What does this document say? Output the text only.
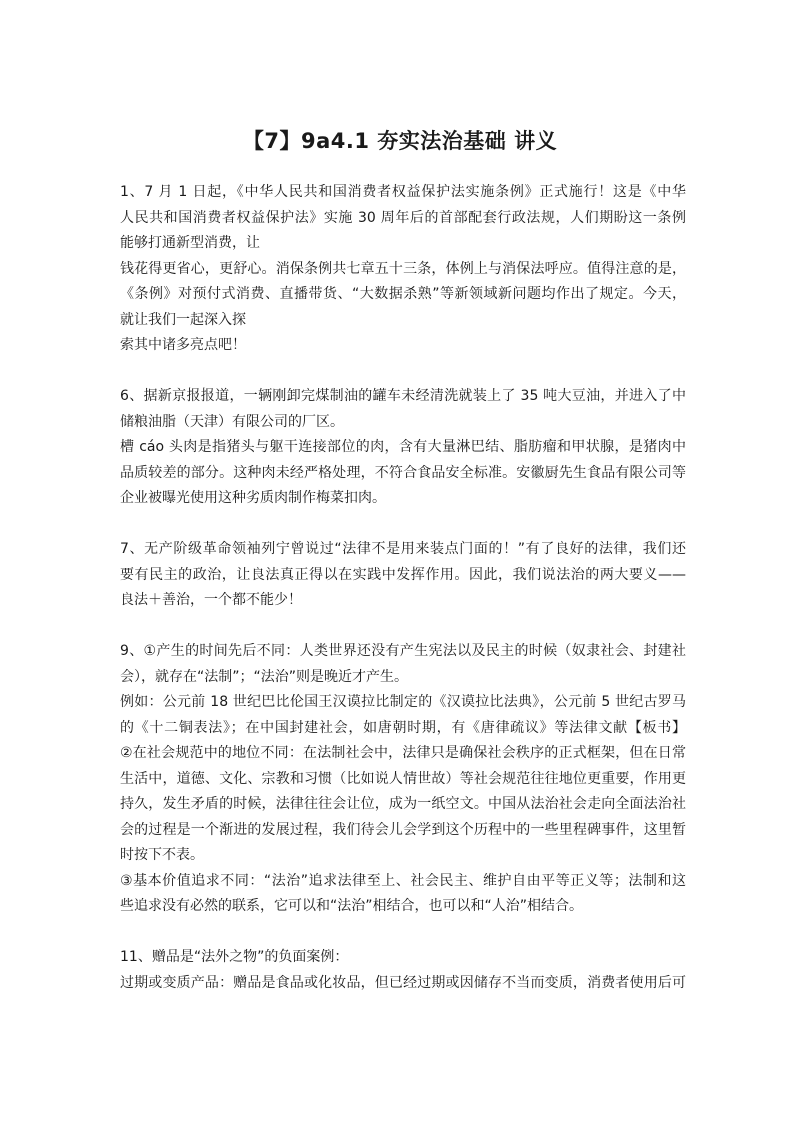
【7】9a4.1 夯实法治基础 讲义
1、7 月 1 日起，《中华人民共和国消费者权益保护法实施条例》正式施行！这是《中华
人民共和国消费者权益保护法》实施 30 周年后的首部配套行政法规，人们期盼这一条例
能够打通新型消费，让
钱花得更省心，更舒心。消保条例共七章五十三条，体例上与消保法呼应。值得注意的是，
《条例》对预付式消费、直播带货、“大数据杀熟”等新领域新问题均作出了规定。今天，
就让我们一起深入探
索其中诸多亮点吧！
6、据新京报报道，一辆刚卸完煤制油的罐车未经清洗就装上了 35 吨大豆油，并进入了中
储粮油脂（天津）有限公司的厂区。
槽 cáo 头肉是指猪头与躯干连接部位的肉，含有大量淋巴结、脂肪瘤和甲状腺，是猪肉中
品质较差的部分。这种肉未经严格处理，不符合食品安全标准。安徽厨先生食品有限公司等
企业被曝光使用这种劣质肉制作梅菜扣肉。
7、无产阶级革命领袖列宁曾说过“法律不是用来装点门面的！”有了良好的法律，我们还
要有民主的政治，让良法真正得以在实践中发挥作用。因此，我们说法治的两大要义——
良法＋善治，一个都不能少！
9、①产生的时间先后不同：人类世界还没有产生宪法以及民主的时候（奴隶社会、封建社
会），就存在“法制”；“法治”则是晚近才产生。
例如：公元前 18 世纪巴比伦国王汉谟拉比制定的《汉谟拉比法典》，公元前 5 世纪古罗马
的《十二铜表法》；在中国封建社会，如唐朝时期，有《唐律疏议》等法律文献【板书】
②在社会规范中的地位不同：在法制社会中，法律只是确保社会秩序的正式框架，但在日常
生活中，道德、文化、宗教和习惯（比如说人情世故）等社会规范往往地位更重要，作用更
持久，发生矛盾的时候，法律往往会让位，成为一纸空文。中国从法治社会走向全面法治社
会的过程是一个渐进的发展过程，我们待会儿会学到这个历程中的一些里程碑事件，这里暂
时按下不表。
③基本价值追求不同：“法治”追求法律至上、社会民主、维护自由平等正义等；法制和这
些追求没有必然的联系，它可以和“法治”相结合，也可以和“人治”相结合。
11、赠品是“法外之物”的负面案例：
过期或变质产品：赠品是食品或化妆品，但已经过期或因储存不当而变质，消费者使用后可
